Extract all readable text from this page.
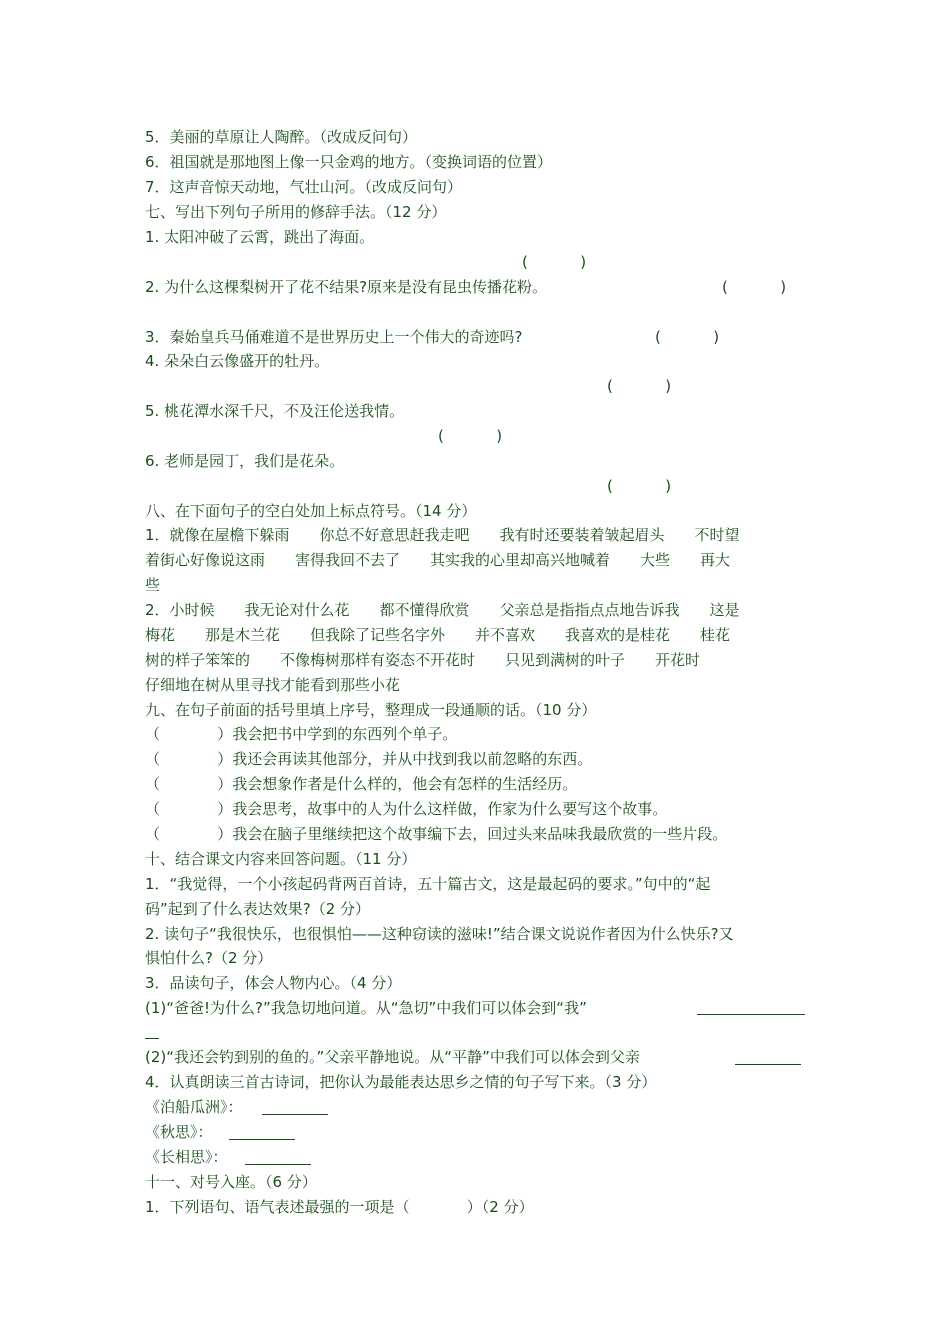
5．美丽的草原让人陶醉。（改成反问句）
6．祖国就是那地图上像一只金鸡的地方。（变换词语的位置）
7．这声音惊天动地，气壮山河。（改成反问句）
七、写出下列句子所用的修辞手法。（12 分）
1. 太阳冲破了云霄，跳出了海面。
(           )
2. 为什么这棵梨树开了花不结果?原来是没有昆虫传播花粉。	(           )
3．秦始皇兵马俑难道不是世界历史上一个伟大的奇迹吗?	(           )
4. 朵朵白云像盛开的牡丹。
(           )
5. 桃花潭水深千尺，不及汪伦送我情。
(           )
6. 老师是园丁，我们是花朵。
(           )
八、在下面句子的空白处加上标点符号。（14 分）
1．就像在屋檐下躲雨　　你总不好意思赶我走吧　　我有时还要装着皱起眉头　　不时望
着街心好像说这雨　　害得我回不去了　　其实我的心里却高兴地喊着　　大些　　再大
些
2．小时候　　我无论对什么花　　都不懂得欣赏　　父亲总是指指点点地告诉我　　这是
梅花　　那是木兰花　　但我除了记些名字外　　并不喜欢　　我喜欢的是桂花　　桂花
树的样子笨笨的　　不像梅树那样有姿态不开花时　　只见到满树的叶子　　开花时
仔细地在树从里寻找才能看到那些小花
九、在句子前面的括号里填上序号，整理成一段通顺的话。（10 分）
（            ）我会把书中学到的东西列个单子。
（            ）我还会再读其他部分，并从中找到我以前忽略的东西。
（            ）我会想象作者是什么样的，他会有怎样的生活经历。
（            ）我会思考，故事中的人为什么这样做，作家为什么要写这个故事。
（            ）我会在脑子里继续把这个故事编下去，回过头来品味我最欣赏的一些片段。
十、结合课文内容来回答问题。（11 分）
1．“我觉得，一个小孩起码背两百首诗，五十篇古文，这是最起码的要求。”句中的“起
码”起到了什么表达效果?（2 分）
2. 读句子“我很快乐，也很惧怕——这种窃读的滋味!”结合课文说说作者因为什么快乐?又
惧怕什么?（2 分）
3．品读句子，体会人物内心。（4 分）
(1)“爸爸!为什么?”我急切地问道。从“急切”中我们可以体会到“我”
(2)“我还会钓到别的鱼的。”父亲平静地说。从“平静”中我们可以体会到父亲
4．认真朗读三首古诗词，把你认为最能表达思乡之情的句子写下来。（3 分）
《泊船瓜洲》：
《秋思》：
《长相思》：
十一、对号入座。（6 分）
1．下列语句、语气表述最强的一项是（            ）（2 分）
